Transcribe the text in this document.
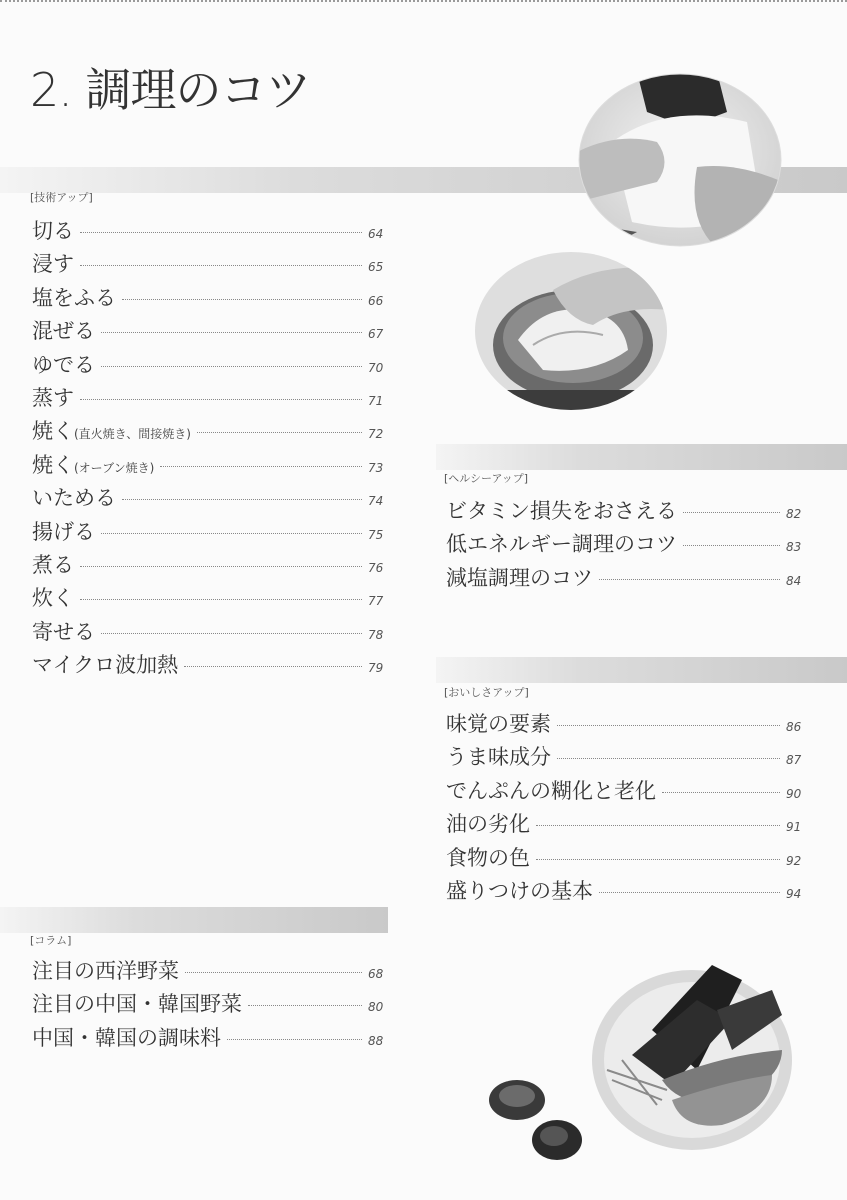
2. 調理のコツ
[技術アップ]
[ヘルシーアップ]
[おいしさアップ]
[コラム]
切る	64
浸す	65
塩をふる	66
混ぜる	67
ゆでる	70
蒸す	71
焼く(直火焼き、間接焼き)	72
焼く(オーブン焼き)	73
いためる	74
揚げる	75
煮る	76
炊く	77
寄せる	78
マイクロ波加熱	79
ビタミン損失をおさえる	82
低エネルギー調理のコツ	83
減塩調理のコツ	84
味覚の要素	86
うま味成分	87
でんぷんの糊化と老化	90
油の劣化	91
食物の色	92
盛りつけの基本	94
注目の西洋野菜	68
注目の中国・韓国野菜	80
中国・韓国の調味料	88
